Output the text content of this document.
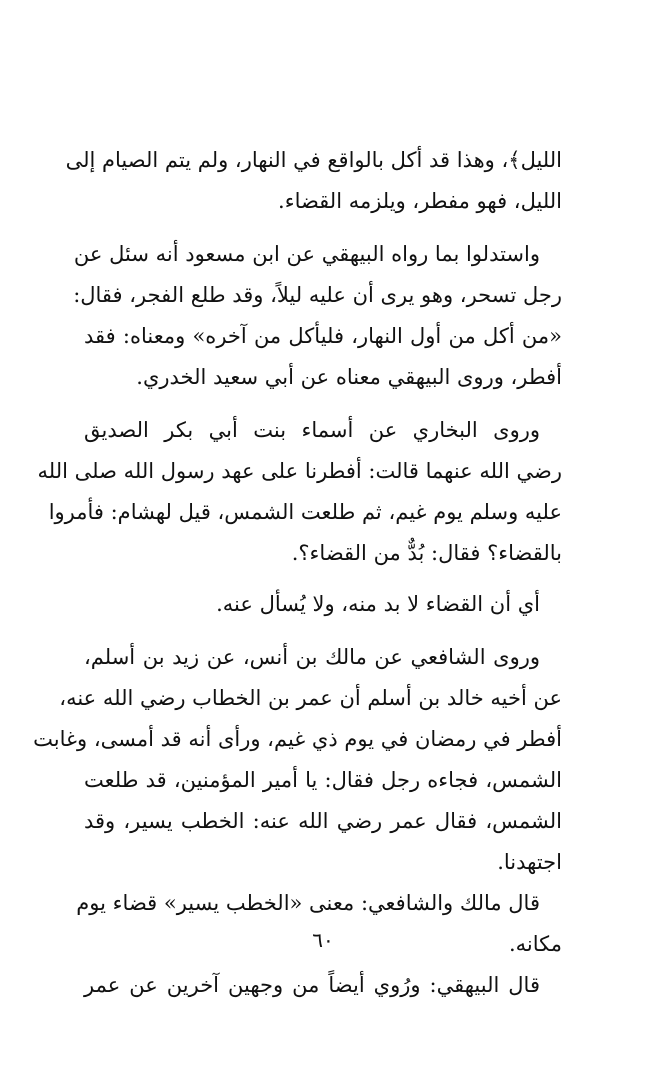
الليل﴾، وهذا قد أكل بالواقع في النهار، ولم يتم الصيام إلى
الليل، فهو مفطر، ويلزمه القضاء.
واستدلوا بما رواه البيهقي عن ابن مسعود أنه سئل عن
رجل تسحر، وهو يرى أن عليه ليلاً، وقد طلع الفجر، فقال:
«من أكل من أول النهار، فليأكل من آخره» ومعناه: فقد
أفطر، وروى البيهقي معناه عن أبي سعيد الخدري.
وروى البخاري عن أسماء بنت أبي بكر الصديق
رضي الله عنهما قالت: أفطرنا على عهد رسول الله صلى الله
عليه وسلم يوم غيم، ثم طلعت الشمس، قيل لهشام: فأمروا
بالقضاء؟ فقال: بُدٌّ من القضاء؟.
أي أن القضاء لا بد منه، ولا يُسأل عنه.
وروى الشافعي عن مالك بن أنس، عن زيد بن أسلم،
عن أخيه خالد بن أسلم أن عمر بن الخطاب رضي الله عنه،
أفطر في رمضان في يوم ذي غيم، ورأى أنه قد أمسى، وغابت
الشمس، فجاءه رجل فقال: يا أمير المؤمنين، قد طلعت
الشمس، فقال عمر رضي الله عنه: الخطب يسير، وقد
اجتهدنا.
قال مالك والشافعي: معنى «الخطب يسير» قضاء يوم
مكانه.
قال البيهقي: ورُوي أيضاً من وجهين آخرين عن عمر
٦٠
